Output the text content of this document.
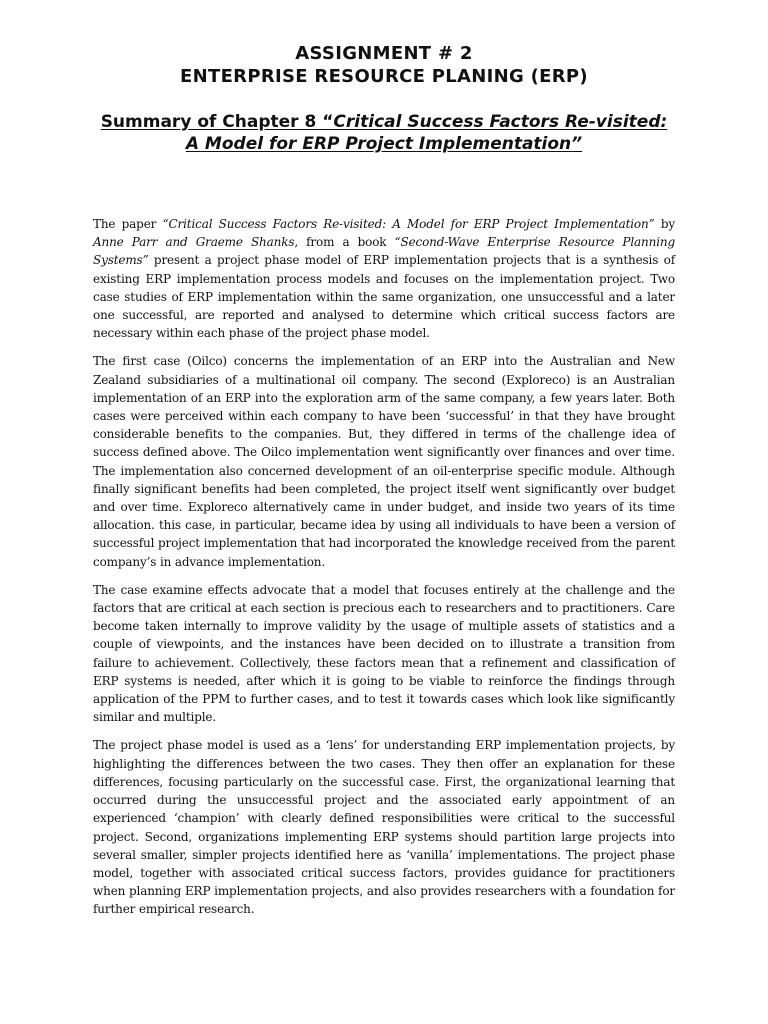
ASSIGNMENT # 2
ENTERPRISE RESOURCE PLANING (ERP)
Summary of Chapter 8 “Critical Success Factors Re-visited: A Model for ERP Project Implementation”

The paper “Critical Success Factors Re-visited: A Model for ERP Project Implementation” by Anne Parr and Graeme Shanks, from a book “Second-Wave Enterprise Resource Planning Systems” present a project phase model of ERP implementation projects that is a synthesis of existing ERP implementation process models and focuses on the implementation project. Two case studies of ERP implementation within the same organization, one unsuccessful and a later one successful, are reported and analysed to determine which critical success factors are necessary within each phase of the project phase model.

The first case (Oilco) concerns the implementation of an ERP into the Australian and New Zealand subsidiaries of a multinational oil company. The second (Exploreco) is an Australian implementation of an ERP into the exploration arm of the same company, a few years later. Both cases were perceived within each company to have been ‘successful’ in that they have brought considerable benefits to the companies. But, they differed in terms of the challenge idea of success defined above. The Oilco implementation went significantly over finances and over time. The implementation also concerned development of an oil-enterprise specific module. Although finally significant benefits had been completed, the project itself went significantly over budget and over time. Exploreco alternatively came in under budget, and inside two years of its time allocation. this case, in particular, became idea by using all individuals to have been a version of successful project implementation that had incorporated the knowledge received from the parent company’s in advance implementation.

The case examine effects advocate that a model that focuses entirely at the challenge and the factors that are critical at each section is precious each to researchers and to practitioners. Care become taken internally to improve validity by the usage of multiple assets of statistics and a couple of viewpoints, and the instances have been decided on to illustrate a transition from failure to achievement. Collectively, these factors mean that a refinement and classification of ERP systems is needed, after which it is going to be viable to reinforce the findings through application of the PPM to further cases, and to test it towards cases which look like significantly similar and multiple.

The project phase model is used as a ‘lens’ for understanding ERP implementation projects, by highlighting the differences between the two cases. They then offer an explanation for these differences, focusing particularly on the successful case. First, the organizational learning that occurred during the unsuccessful project and the associated early appointment of an experienced ‘champion’ with clearly defined responsibilities were critical to the successful project. Second, organizations implementing ERP systems should partition large projects into several smaller, simpler projects identified here as ‘vanilla’ implementations. The project phase model, together with associated critical success factors, provides guidance for practitioners when planning ERP implementation projects, and also provides researchers with a foundation for further empirical research.
